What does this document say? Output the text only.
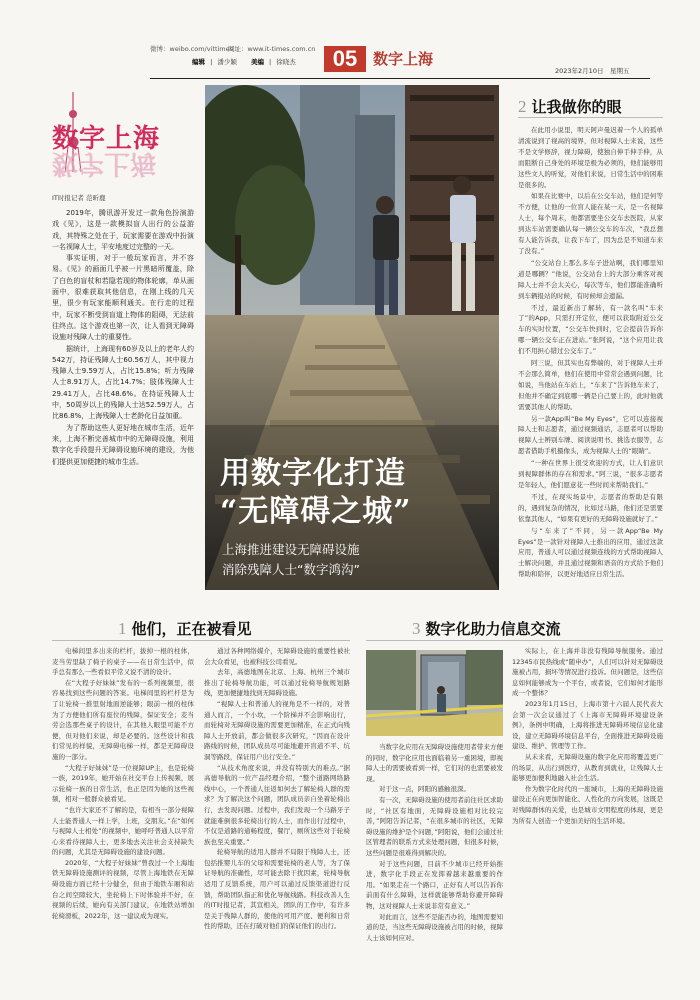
微博：weibo.com/vittimes
网址：www.it-times.com.cn
编辑 | 潘少颖 美编 | 徐晓杰	05	数字上海
2023年2月10日　星期五
数字上海
数字上海
IT时报记者 范昕鹿

2019年，腾讯游开发过一款角色扮演游戏《见》，这是一款模拟盲人出行的公益游戏，其特殊之处在于，玩家需要在游戏中扮演一名视障人士，平安地度过完整的一天。

事实证明，对于一般玩家而言，并不容易。《见》的画面几乎被一片黑暗所覆盖，除了白色的盲杖和若隐若现的物体轮廓，单从画面中，很难获取其他信息，在刚上线的几天里，很少有玩家能顺利通关。在行走的过程中，玩家不断受到盲道上物体的阻碍，无法前往终点。这个游戏也第一次，让人看到无障碍设施对残障人士的重要性。

据统计，上海现有60岁及以上的老年人约542万，持证残障人士60.56万人，其中视力残障人士9.59万人，占比15.8%；听力残障人士8.91万人，占比14.7%；肢体残障人士29.41万人，占比48.6%。在持证残障人士中，50周岁以上的残障人士达52.59万人，占比86.8%，上海残障人士老龄化日益加重。

为了帮助这些人更好地在城市生活，近年来，上海不断完善城市中的无障碍设施，利用数字化手段提升无障碍设施环境的建设，为他们提供更加便捷的城市生活。	用数字化打造
“无障碍之城”
上海推进建设无障碍设施
消除残障人士“数字鸿沟”
2 让我做你的眼

在此用小说里，明天阿声曼迟着一个人的孤单清流说到了视高的境界，但对视障人士来说，这些不是文学修辞，视力障碍，使独自伸手伸手伸，从而阻断自己身处的环境是极为必须的，他们能够用这些文人的听觉，对他们来说，日常生活中的困难是很多的。

如果在比赛中，以后在公交车站，他们是何等不方便，让他的一位盲人能在某一天，是一名视障人士，每个周末，他都需要坐公交车去医院，从家到达车站需要确认每一辆公交车的车次，“我总想有人能告诉我，让我下车了，因为总是不知道车来了没有。”

“公交站台上那么多车子进站啊，我们哪里知道是哪辆？”他说，公交站台上的大部分乘客对视障人士并不会太关心，每次等车，他们都能准确听到车辆报站的时候，有时候却会遗漏。

不过，最近新出了解转，有一款名叫“车来了”的App，只需打开定位，便可以获取附近公交车的实时位置，“公交车快到时，它会提前告诉你哪一辆公交车正在进站。”张阿说，“这个应用让我们不用担心错过公交车了。”

阿三说，但其实也有弊端的，对于视障人士并不会那么简单，他们在使用中常常会遇到问题，比如说，当他站在车站上，“车来了”告诉他车来了，但他并不确定到底哪一辆是自己要上的，此时他就需要其他人的帮助。

另一款App叫“Be My Eyes”，它可以连接视障人士和志愿者，通过视频通话，志愿者可以帮助视障人士辨别车牌、阅读说明书、挑选衣服等，志愿者借助手机摄像头，成为视障人士的“眼睛”。

“一种在世界上很受欢迎的方式，让人们意识到视障群体的存在和需求。”阿三说，“很多志愿者是年轻人，他们愿意花一些时间来帮助我们。”

不过，在现实场景中，志愿者的帮助是有限的，遇到复杂的情况，比如过马路，他们还是需要依靠其他人，“如果有更好的无障碍设施就好了。”

与“车来了”不同，另一款App“Be My Eyes”是一款针对视障人士推出的应用，通过这款应用，普通人可以通过视频连线的方式帮助视障人士解决问题，并且通过视频和语音的方式给予他们帮助和陪伴，以更好地适应日常生活。

1 他们，正在被看见

电梯间里多出来的栏杆，拔掉一根的柱体，麦当劳里缺了椅子的桌子——在日常生活中，似乎总有那么一些看似平常又说不清的设计。

在“大程子好妹妹”发布的一系列视频里，很容易找到这些问题的答案。电梯间里的栏杆是为了让轮椅一推里射地面逆能够；眼前一根的柱体为了方便他们所有座位的残障，保证安全；麦当劳会选那些桌子的设计，在其他人眼里可能不方便，但对他们来说，却是必要的。这些设计和我们常见的样貌，无障碍电梯一样，都是无障碍设施的一部分。

“大程子好妹妹”是一位视障UP主，也是轮椅一族，2019年，她开始在社交平台上传视频，展示轮椅一族的日常生活，也正是因为她的这些视频，相对一般群众被看见。

“也许大家还不了解的是，有相当一部分视障人士能普通人一样上学，上班，交朋友。”在“如何与视障人士相处”的视频中，她呼吁普通人以平常心来看待视障人士，更多地去关注社会支持缺失的问题，尤其是无障碍设施的建设问题。

2020年，“大程子好妹妹”曾我过一个上海地铁无障碍设施测评的视频，尽管上海地铁在无障碍设施方面已经十分健全，但由于地铁车厢和站台之间空隙较大，坐轮椅上下时体验并不好，在视频的后续，她向有关部门建议，在地铁站增加轮椅滑板，2022年，这一建议成为现实。

通过各种网络媒介，无障碍设施的重要性被社会大众看见，也被科技公司看见。

去年，高德地图在北京、上海、杭州三个城市推出了轮椅导航功能，可以通过轮椅导航规划路线，更加便捷地找到无障碍设施。

“视障人士和普通人的视角是不一样的，对普通人而言，一个小坎，一个阶梯并不会影响出行，而轮椅对无障碍设施的需要更加精准，在正式向残障人士开放前，都会做很多次研究，“因而在设计路线的时候，团队成员尽可能地避开盲道不平、坑洞等路段，保证用户出行安全。”

“从技术角度来说，并没有特别大的难点。”据高德导航的一位产品经理介绍，“整个道路网络路线中心，一个普通人往返如何去了解轮椅人群的需求？为了解决这个问题，团队成员亲自坐着轮椅出行，去发现问题。过程中，我们发现一个马路牙子就能难倒很多轮椅出行的人士，而作出行过程中，不仅是道路的通畅程度，餐厅，厕所这些对于轮椅族也至关重要。”

轮椅导航的适用人群并不局限于残障人士，还包括推婴儿车的父母和需要轮椅的老人等，为了保证导航的准确性，尽可能去除干扰因素，轮椅导航适用了反馈系统，用户可以通过反馈渠道进行反馈，帮助团队指正和优化导航线路。科技改善人生的IT时报记者，其宣相关，团队的工作中，有许多是关于残障人群的，使他的可用产度、便利和日常性的帮助，还在打破对他们的保证他们的出行。

3 数字化助力信息交流

当数字化应用在无障碍设施使用者带来方便的同时，数字化应用也面临着另一重困境，即视障人士的需要被看到一样，它们对的也需要被发现。

对于这一点，阿阳的感触很深。

有一次，无障碍设施的使用者前往社区求助时，“社区有地面，无障碍设施相对比较完善，”阿阳告诉记者，“在很多城市的社区，无障碍设施的维护是个问题，”阿阳说，他们会通过社区管理者的联系方式来处理问题，但很多时候，这些问题是很难得到解决的。

对于这些问题，目前不少城市已经开始推进，数字化手段正在发挥着越来越重要的作用。“如果走在一个路口，正好有人可以告诉你前面有什么障碍，这样就能够帮助你避开障碍物，这对视障人士来说非常有意义。”

对此而言，这些不是能否办的，地图需要知道的是，当这些无障碍设施被占用的时候，视障人士该如何应对。

实际上，在上海并非没有残障导航服务。通过12345市民热线或“随申办”，人们可以针对无障碍设施被占用，损坏等情况进行投诉。但问题是，这些信息如何能够成为一个平台，或者说，它们如何才能形成一个整体？

2023年1月15日，上海市第十六届人民代表大会第一次会议通过了《上海市无障碍环境建设条例》，条例中明确，上海将推进无障碍环境信息化建设，建立无障碍环境信息平台，全面推进无障碍设施建设、维护、管理等工作。

从未来看，无障碍设施的数字化应用将覆盖更广的场景，从出行到医疗，从教育到就业，让残障人士能够更加便利地融入社会生活。

作为数字化时代的一座城市，上海的无障碍设施建设正在向更加智能化、人性化的方向发展，这既是对残障群体的关爱，也是城市文明程度的体现，更是为所有人创造一个更加美好的生活环境。
